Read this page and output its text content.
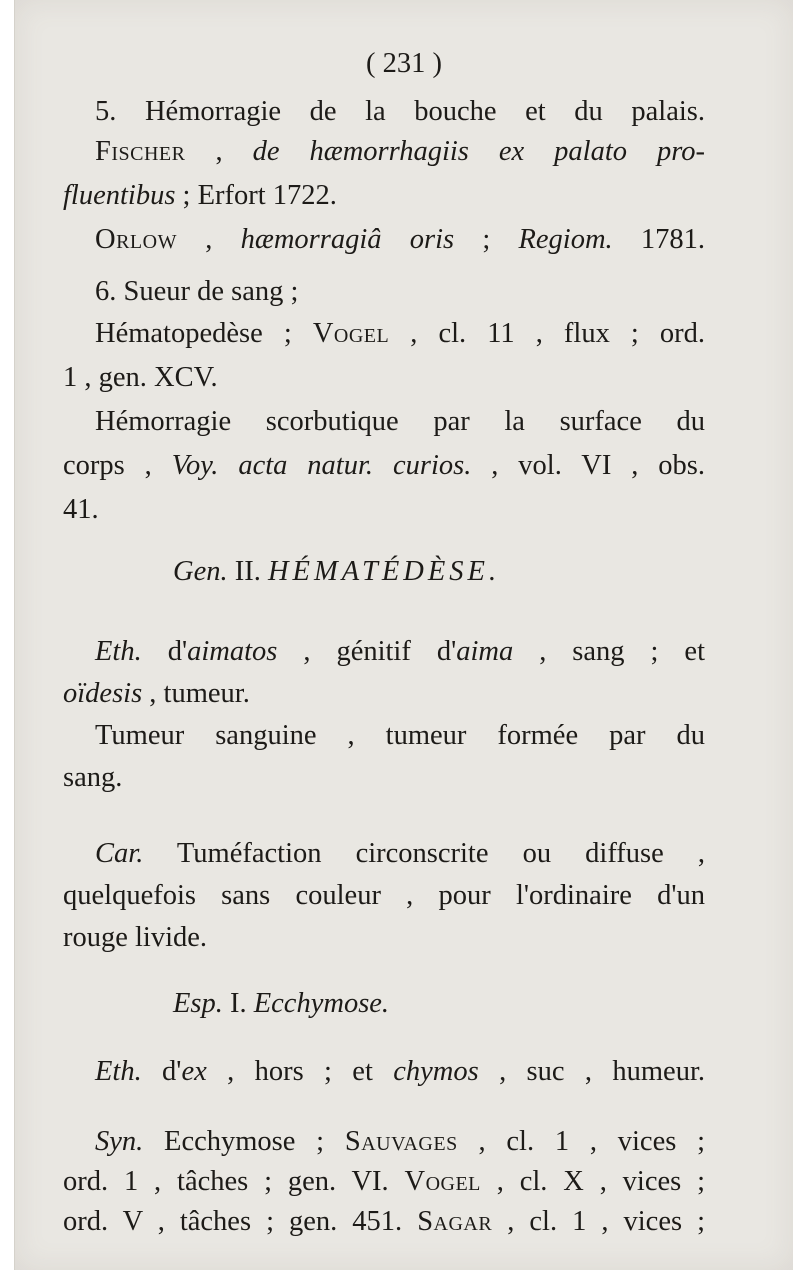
( 231 )
5. Hémorragie de la bouche et du palais.
Fischer , de hæmorrhagiis ex palato pro-
fluentibus ; Erfort 1722.
Orlow , hæmorragiâ oris ; Regiom. 1781.
6. Sueur de sang ;
Hématopedèse ; Vogel , cl. 11 , flux ; ord.
1 , gen. XCV.
Hémorragie scorbutique par la surface du
corps , Voy. acta natur. curios. , vol. VI , obs.
41.
Gen. II. HÉMATÉDÈSE.
Eth. d'aimatos , génitif d'aima , sang ; et
oïdesis , tumeur.
Tumeur sanguine , tumeur formée par du
sang.
Car. Tuméfaction circonscrite ou diffuse ,
quelquefois sans couleur , pour l'ordinaire d'un
rouge livide.
Esp. I. Ecchymose.
Eth. d'ex , hors ; et chymos , suc , humeur.
Syn. Ecchymose ; Sauvages , cl. 1 , vices ;
ord. 1 , tâches ; gen. VI. Vogel , cl. X , vices ;
ord. V , tâches ; gen. 451. Sagar , cl. 1 , vices ;
